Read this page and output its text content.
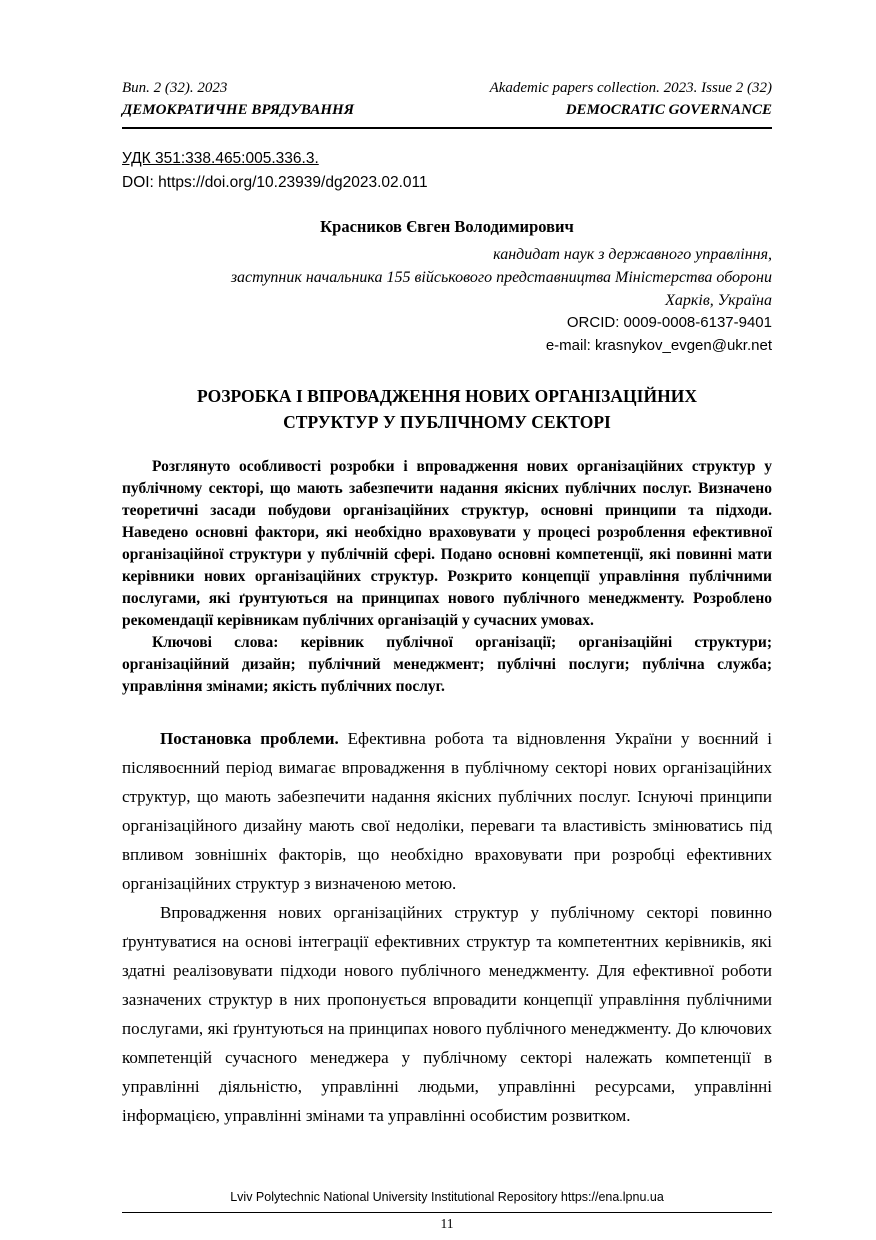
Вип. 2 (32). 2023
ДЕМОКРАТИЧНЕ ВРЯДУВАННЯ
Akademic papers collection. 2023. Issue 2 (32)
DEMOCRATIC GOVERNANCE
УДК 351:338.465:005.336.3.
DOI: https://doi.org/10.23939/dg2023.02.011
Красников Євген Володимирович
кандидат наук з державного управління,
заступник начальника 155 військового представництва Міністерства оборони
Харків, Україна
ORCID: 0009-0008-6137-9401
e-mail: krasnykov_evgen@ukr.net
РОЗРОБКА І ВПРОВАДЖЕННЯ НОВИХ ОРГАНІЗАЦІЙНИХ
СТРУКТУР У ПУБЛІЧНОМУ СЕКТОРІ

Розглянуто особливості розробки і впровадження нових організаційних структур у публічному секторі, що мають забезпечити надання якісних публічних послуг. Визначено теоретичні засади побудови організаційних структур, основні принципи та підходи. Наведено основні фактори, які необхідно враховувати у процесі розроблення ефективної організаційної структури у публічній сфері. Подано основні компетенції, які повинні мати керівники нових організаційних структур. Розкрито концепції управління публічними послугами, які ґрунтуються на принципах нового публічного менеджменту. Розроблено рекомендації керівникам публічних організацій у сучасних умовах.

Ключові слова: керівник публічної організації; організаційні структури; організаційний дизайн; публічний менеджмент; публічні послуги; публічна служба; управління змінами; якість публічних послуг.

Постановка проблеми. Ефективна робота та відновлення України у воєнний і післявоєнний період вимагає впровадження в публічному секторі нових організаційних структур, що мають забезпечити надання якісних публічних послуг. Існуючі принципи організаційного дизайну мають свої недоліки, переваги та властивість змінюватись під впливом зовнішніх факторів, що необхідно враховувати при розробці ефективних організаційних структур з визначеною метою.

Впровадження нових організаційних структур у публічному секторі повинно ґрунтуватися на основі інтеграції ефективних структур та компетентних керівників, які здатні реалізовувати підходи нового публічного менеджменту. Для ефективної роботи зазначених структур в них пропонується впровадити концепції управління публічними послугами, які ґрунтуються на принципах нового публічного менеджменту. До ключових компетенцій сучасного менеджера у публічному секторі належать компетенції в управлінні діяльністю, управлінні людьми, управлінні ресурсами, управлінні інформацією, управлінні змінами та управлінні особистим розвитком.

Lviv Polytechnic National University Institutional Repository https://ena.lpnu.ua
11
